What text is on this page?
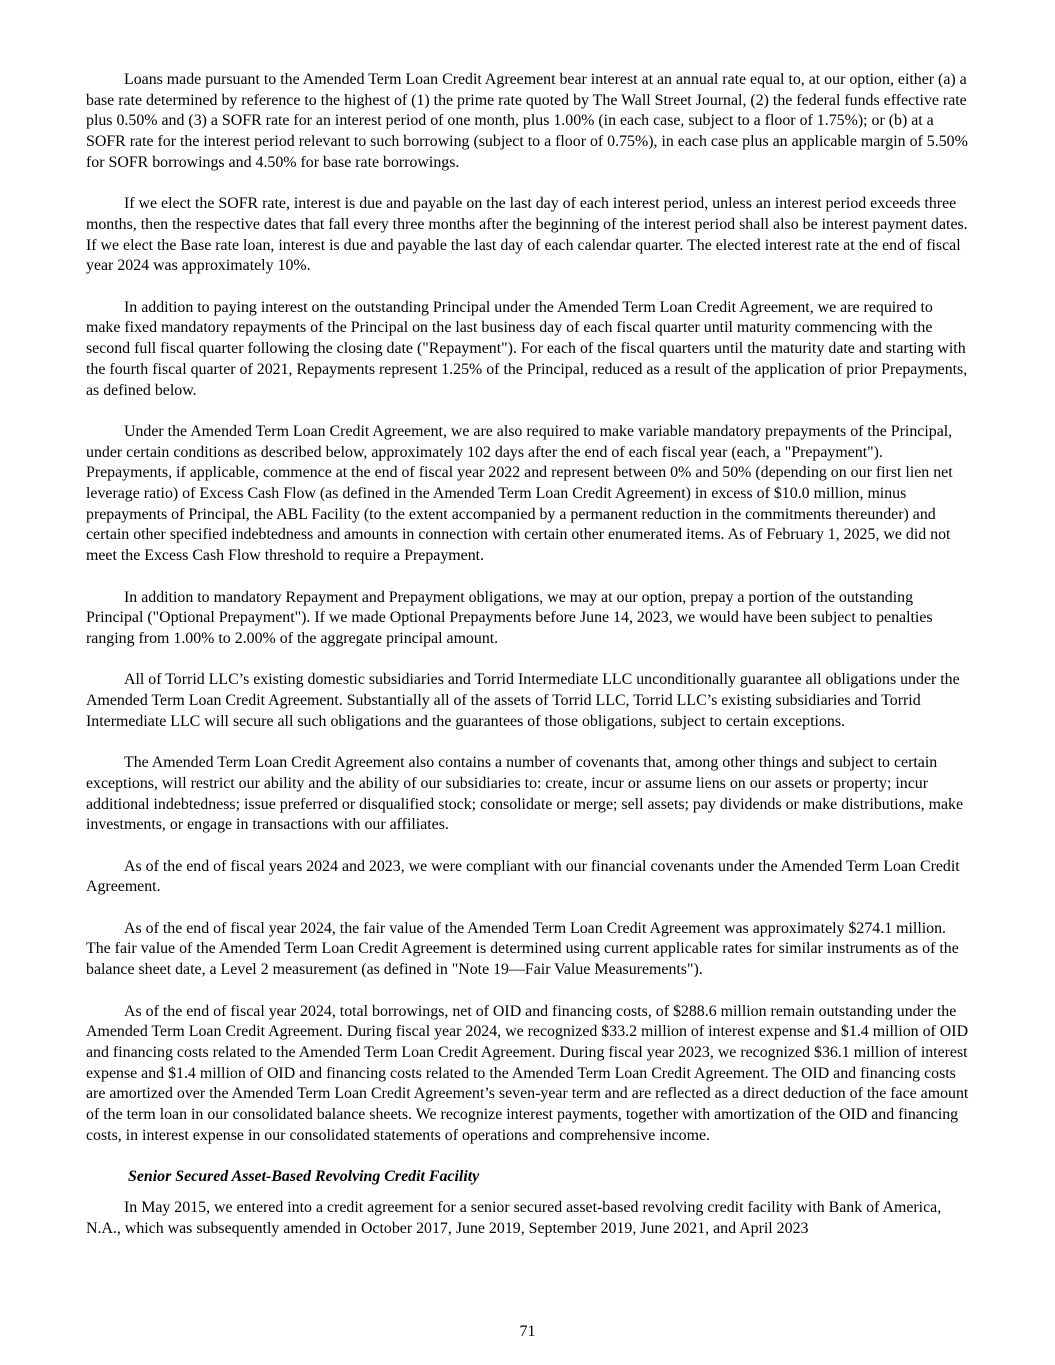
Loans made pursuant to the Amended Term Loan Credit Agreement bear interest at an annual rate equal to, at our option, either (a) a base rate determined by reference to the highest of (1) the prime rate quoted by The Wall Street Journal, (2) the federal funds effective rate plus 0.50% and (3) a SOFR rate for an interest period of one month, plus 1.00% (in each case, subject to a floor of 1.75%); or (b) at a SOFR rate for the interest period relevant to such borrowing (subject to a floor of 0.75%), in each case plus an applicable margin of 5.50% for SOFR borrowings and 4.50% for base rate borrowings.

If we elect the SOFR rate, interest is due and payable on the last day of each interest period, unless an interest period exceeds three months, then the respective dates that fall every three months after the beginning of the interest period shall also be interest payment dates. If we elect the Base rate loan, interest is due and payable the last day of each calendar quarter. The elected interest rate at the end of fiscal year 2024 was approximately 10%.

In addition to paying interest on the outstanding Principal under the Amended Term Loan Credit Agreement, we are required to make fixed mandatory repayments of the Principal on the last business day of each fiscal quarter until maturity commencing with the second full fiscal quarter following the closing date ("Repayment"). For each of the fiscal quarters until the maturity date and starting with the fourth fiscal quarter of 2021, Repayments represent 1.25% of the Principal, reduced as a result of the application of prior Prepayments, as defined below.

Under the Amended Term Loan Credit Agreement, we are also required to make variable mandatory prepayments of the Principal, under certain conditions as described below, approximately 102 days after the end of each fiscal year (each, a "Prepayment"). Prepayments, if applicable, commence at the end of fiscal year 2022 and represent between 0% and 50% (depending on our first lien net leverage ratio) of Excess Cash Flow (as defined in the Amended Term Loan Credit Agreement) in excess of $10.0 million, minus prepayments of Principal, the ABL Facility (to the extent accompanied by a permanent reduction in the commitments thereunder) and certain other specified indebtedness and amounts in connection with certain other enumerated items. As of February 1, 2025, we did not meet the Excess Cash Flow threshold to require a Prepayment.

In addition to mandatory Repayment and Prepayment obligations, we may at our option, prepay a portion of the outstanding Principal ("Optional Prepayment"). If we made Optional Prepayments before June 14, 2023, we would have been subject to penalties ranging from 1.00% to 2.00% of the aggregate principal amount.

All of Torrid LLC’s existing domestic subsidiaries and Torrid Intermediate LLC unconditionally guarantee all obligations under the Amended Term Loan Credit Agreement. Substantially all of the assets of Torrid LLC, Torrid LLC’s existing subsidiaries and Torrid Intermediate LLC will secure all such obligations and the guarantees of those obligations, subject to certain exceptions.

The Amended Term Loan Credit Agreement also contains a number of covenants that, among other things and subject to certain exceptions, will restrict our ability and the ability of our subsidiaries to: create, incur or assume liens on our assets or property; incur additional indebtedness; issue preferred or disqualified stock; consolidate or merge; sell assets; pay dividends or make distributions, make investments, or engage in transactions with our affiliates.

As of the end of fiscal years 2024 and 2023, we were compliant with our financial covenants under the Amended Term Loan Credit Agreement.

As of the end of fiscal year 2024, the fair value of the Amended Term Loan Credit Agreement was approximately $274.1 million. The fair value of the Amended Term Loan Credit Agreement is determined using current applicable rates for similar instruments as of the balance sheet date, a Level 2 measurement (as defined in "Note 19—Fair Value Measurements").

As of the end of fiscal year 2024, total borrowings, net of OID and financing costs, of $288.6 million remain outstanding under the Amended Term Loan Credit Agreement. During fiscal year 2024, we recognized $33.2 million of interest expense and $1.4 million of OID and financing costs related to the Amended Term Loan Credit Agreement. During fiscal year 2023, we recognized $36.1 million of interest expense and $1.4 million of OID and financing costs related to the Amended Term Loan Credit Agreement. The OID and financing costs are amortized over the Amended Term Loan Credit Agreement’s seven-year term and are reflected as a direct deduction of the face amount of the term loan in our consolidated balance sheets. We recognize interest payments, together with amortization of the OID and financing costs, in interest expense in our consolidated statements of operations and comprehensive income.

Senior Secured Asset-Based Revolving Credit Facility

In May 2015, we entered into a credit agreement for a senior secured asset-based revolving credit facility with Bank of America, N.A., which was subsequently amended in October 2017, June 2019, September 2019, June 2021, and April 2023

71
